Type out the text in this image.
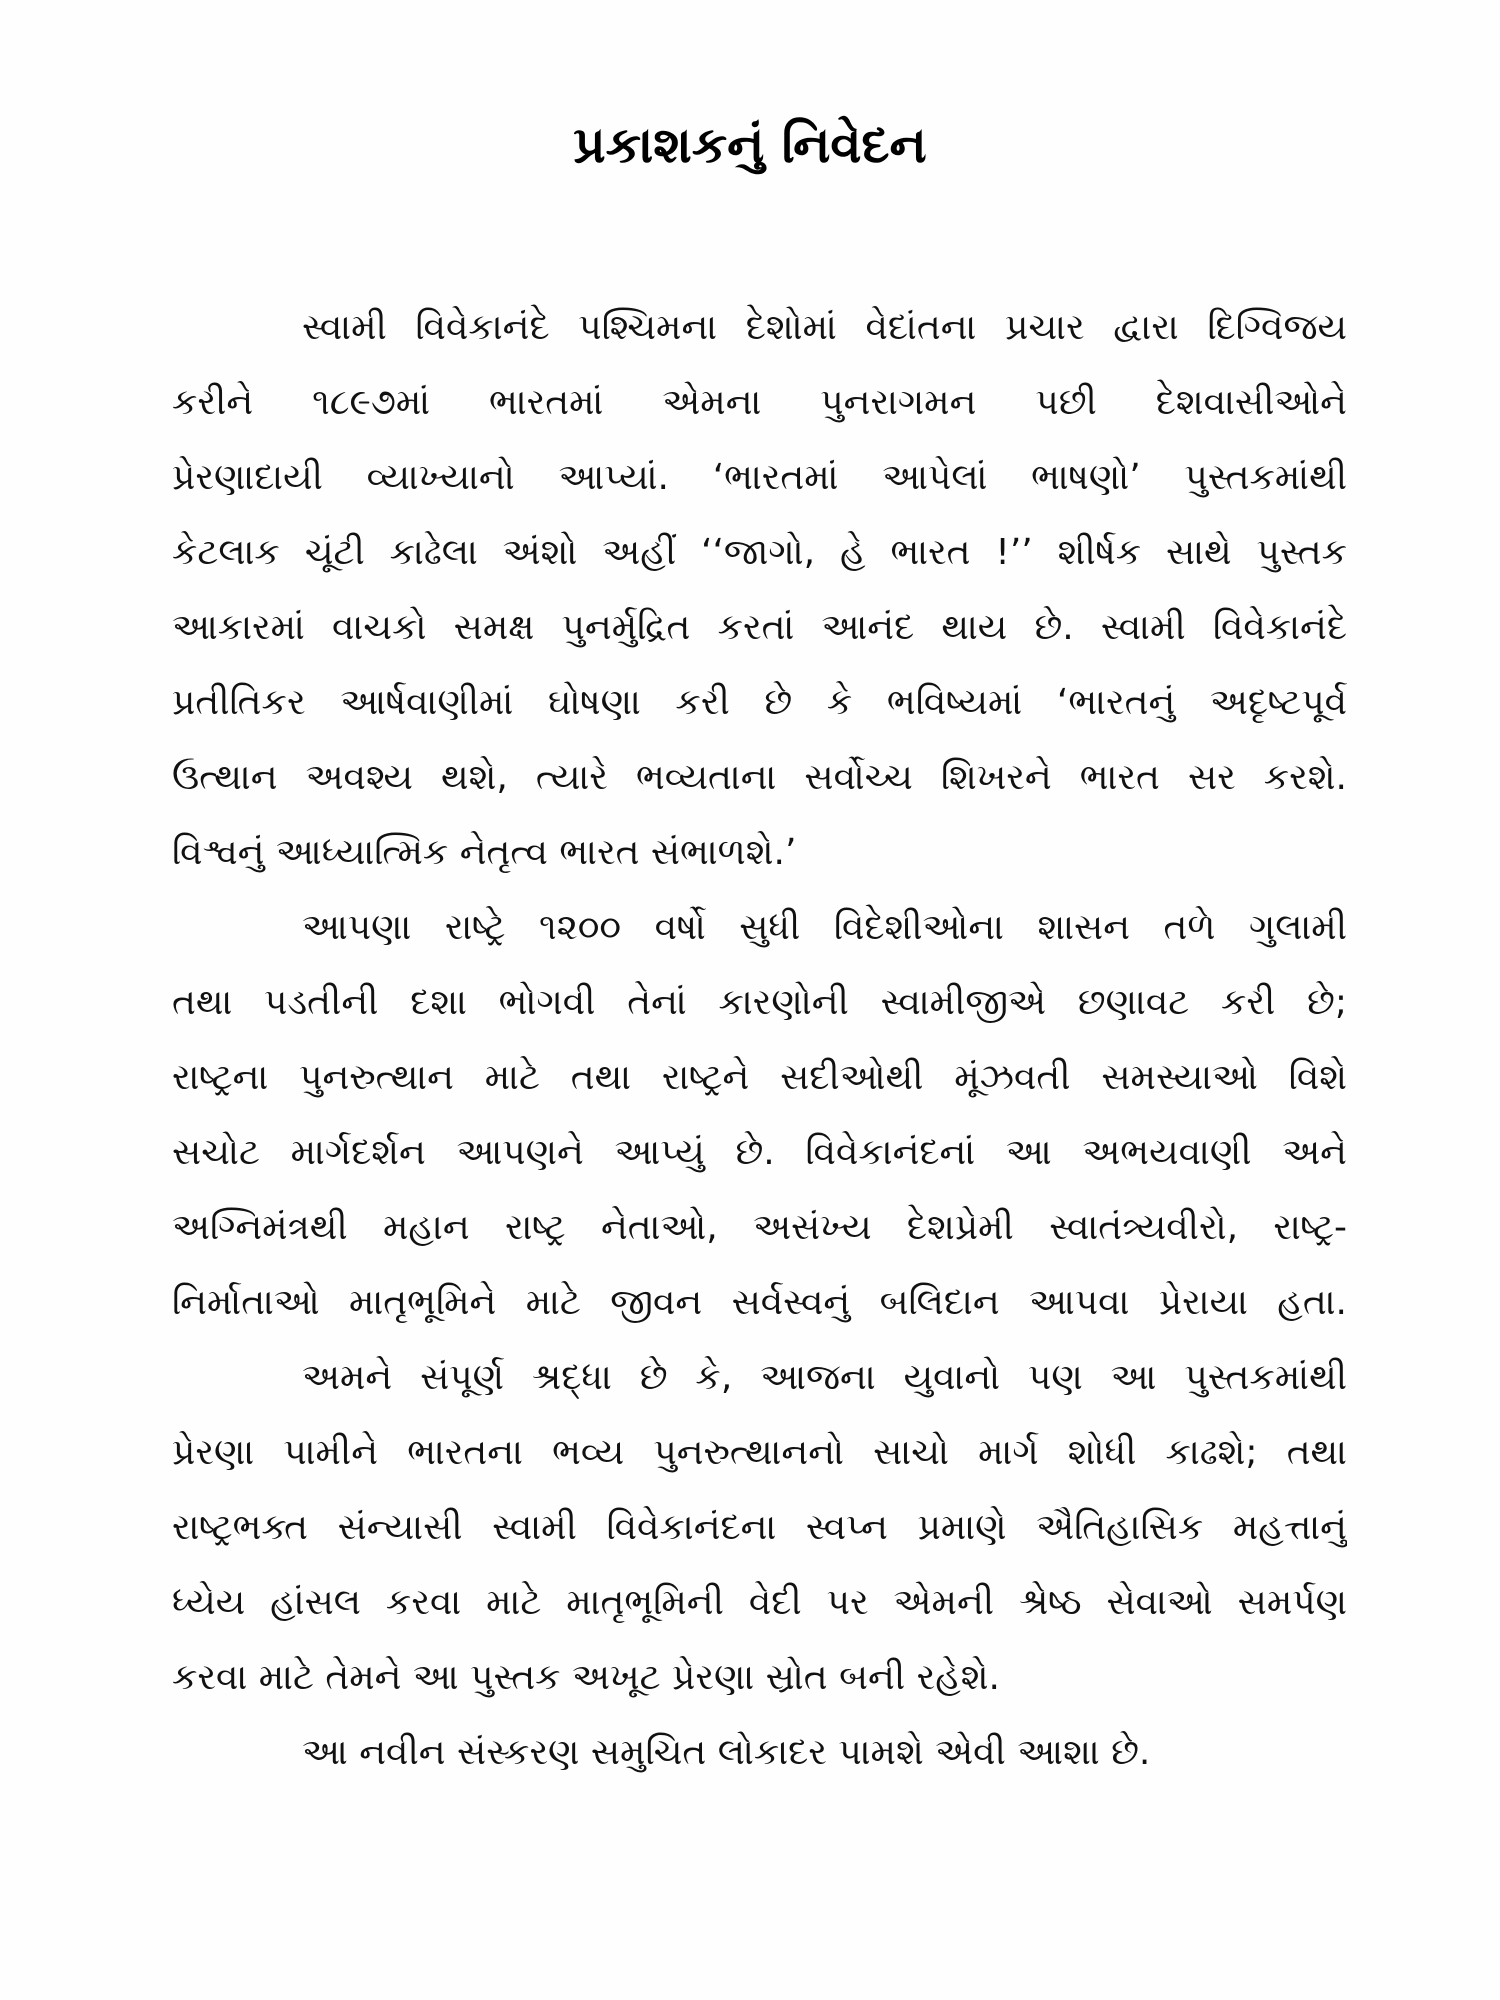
પ્રકાશકનું નિવેદન
સ્વામી વિવેકાનંદે પશ્ચિમના દેશોમાં વેદાંતના પ્રચાર દ્વારા દિગ્વિજય
કરીને ૧૮૯૭માં ભારતમાં એમના પુનરાગમન પછી દેશવાસીઓને
પ્રેરણાદાયી વ્યાખ્યાનો આપ્યાં. ‘ભારતમાં આપેલાં ભાષણો’ પુસ્તકમાંથી
કેટલાક ચૂંટી કાઢેલા અંશો અહીં ‘‘જાગો, હે ભારત !’’ શીર્ષક સાથે પુસ્તક
આકારમાં વાચકો સમક્ષ પુનર્મુદ્રિત કરતાં આનંદ થાય છે. સ્વામી વિવેકાનંદે
પ્રતીતિકર આર્ષવાણીમાં ઘોષણા કરી છે કે ભવિષ્યમાં ‘ભારતનું અદૃષ્ટપૂર્વ
ઉત્થાન અવશ્ય થશે, ત્યારે ભવ્યતાના સર્વોચ્ચ શિખરને ભારત સર કરશે.
વિશ્વનું આધ્યાત્મિક નેતૃત્વ ભારત સંભાળશે.’
આપણા રાષ્ટ્રે ૧૨૦૦ વર્ષો સુધી વિદેશીઓના શાસન તળે ગુલામી
તથા પડતીની દશા ભોગવી તેનાં કારણોની સ્વામીજીએ છણાવટ કરી છે;
રાષ્ટ્રના પુનરુત્થાન માટે તથા રાષ્ટ્રને સદીઓથી મૂંઝવતી સમસ્યાઓ વિશે
સચોટ માર્ગદર્શન આપણને આપ્યું છે. વિવેકાનંદનાં આ અભયવાણી અને
અગ્નિમંત્રથી મહાન રાષ્ટ્ર નેતાઓ, અસંખ્ય દેશપ્રેમી સ્વાતંત્ર્યવીરો, રાષ્ટ્ર-
નિર્માતાઓ માતૃભૂમિને માટે જીવન સર્વસ્વનું બલિદાન આપવા પ્રેરાયા હતા.
અમને સંપૂર્ણ શ્રદ્ધા છે કે, આજના યુવાનો પણ આ પુસ્તકમાંથી
પ્રેરણા પામીને ભારતના ભવ્ય પુનરુત્થાનનો સાચો માર્ગ શોધી કાઢશે; તથા
રાષ્ટ્રભક્ત સંન્યાસી સ્વામી વિવેકાનંદના સ્વપ્ન પ્રમાણે ઐતિહાસિક મહત્તાનું
ધ્યેય હાંસલ કરવા માટે માતૃભૂમિની વેદી પર એમની શ્રેષ્ઠ સેવાઓ સમર્પણ
કરવા માટે તેમને આ પુસ્તક અખૂટ પ્રેરણા સ્રોત બની રહેશે.
આ નવીન સંસ્કરણ સમુચિત લોકાદર પામશે એવી આશા છે.
